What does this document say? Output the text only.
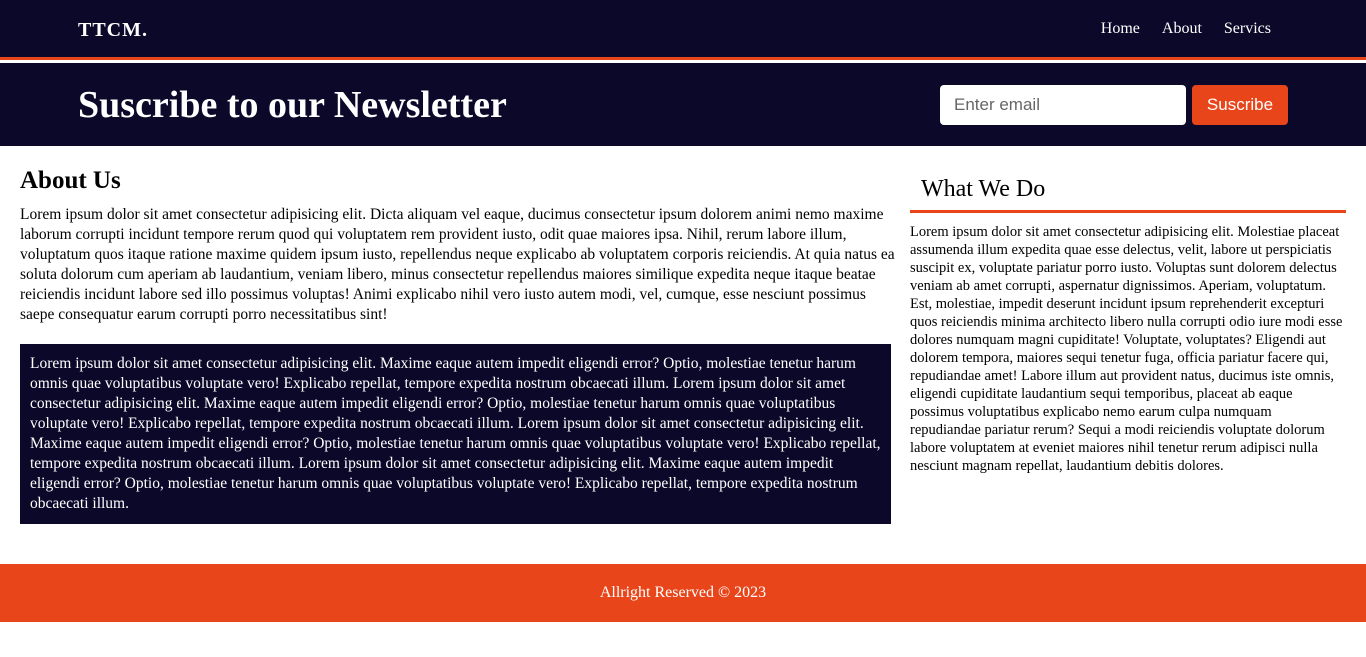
TTCM.	Home About Servics
Suscribe to our Newsletter
Enter email	Suscribe
About Us

Lorem ipsum dolor sit amet consectetur adipisicing elit. Dicta aliquam vel eaque, ducimus consectetur ipsum dolorem animi nemo maxime laborum corrupti incidunt tempore rerum quod qui voluptatem rem provident iusto, odit quae maiores ipsa. Nihil, rerum labore illum, voluptatum quos itaque ratione maxime quidem ipsum iusto, repellendus neque explicabo ab voluptatem corporis reiciendis. At quia natus ea soluta dolorum cum aperiam ab laudantium, veniam libero, minus consectetur repellendus maiores similique expedita neque itaque beatae reiciendis incidunt labore sed illo possimus voluptas! Animi explicabo nihil vero iusto autem modi, vel, cumque, esse nesciunt possimus saepe consequatur earum corrupti porro necessitatibus sint!

Lorem ipsum dolor sit amet consectetur adipisicing elit. Maxime eaque autem impedit eligendi error? Optio, molestiae tenetur harum omnis quae voluptatibus voluptate vero! Explicabo repellat, tempore expedita nostrum obcaecati illum. Lorem ipsum dolor sit amet consectetur adipisicing elit. Maxime eaque autem impedit eligendi error? Optio, molestiae tenetur harum omnis quae voluptatibus voluptate vero! Explicabo repellat, tempore expedita nostrum obcaecati illum. Lorem ipsum dolor sit amet consectetur adipisicing elit. Maxime eaque autem impedit eligendi error? Optio, molestiae tenetur harum omnis quae voluptatibus voluptate vero! Explicabo repellat, tempore expedita nostrum obcaecati illum. Lorem ipsum dolor sit amet consectetur adipisicing elit. Maxime eaque autem impedit eligendi error? Optio, molestiae tenetur harum omnis quae voluptatibus voluptate vero! Explicabo repellat, tempore expedita nostrum obcaecati illum.
What We Do

Lorem ipsum dolor sit amet consectetur adipisicing elit. Molestiae placeat assumenda illum expedita quae esse delectus, velit, labore ut perspiciatis suscipit ex, voluptate pariatur porro iusto. Voluptas sunt dolorem delectus veniam ab amet corrupti, aspernatur dignissimos. Aperiam, voluptatum. Est, molestiae, impedit deserunt incidunt ipsum reprehenderit excepturi quos reiciendis minima architecto libero nulla corrupti odio iure modi esse dolores numquam magni cupiditate! Voluptate, voluptates? Eligendi aut dolorem tempora, maiores sequi tenetur fuga, officia pariatur facere qui, repudiandae amet! Labore illum aut provident natus, ducimus iste omnis, eligendi cupiditate laudantium sequi temporibus, placeat ab eaque possimus voluptatibus explicabo nemo earum culpa numquam repudiandae pariatur rerum? Sequi a modi reiciendis voluptate dolorum labore voluptatem at eveniet maiores nihil tenetur rerum adipisci nulla nesciunt magnam repellat, laudantium debitis dolores.

Allright Reserved © 2023
